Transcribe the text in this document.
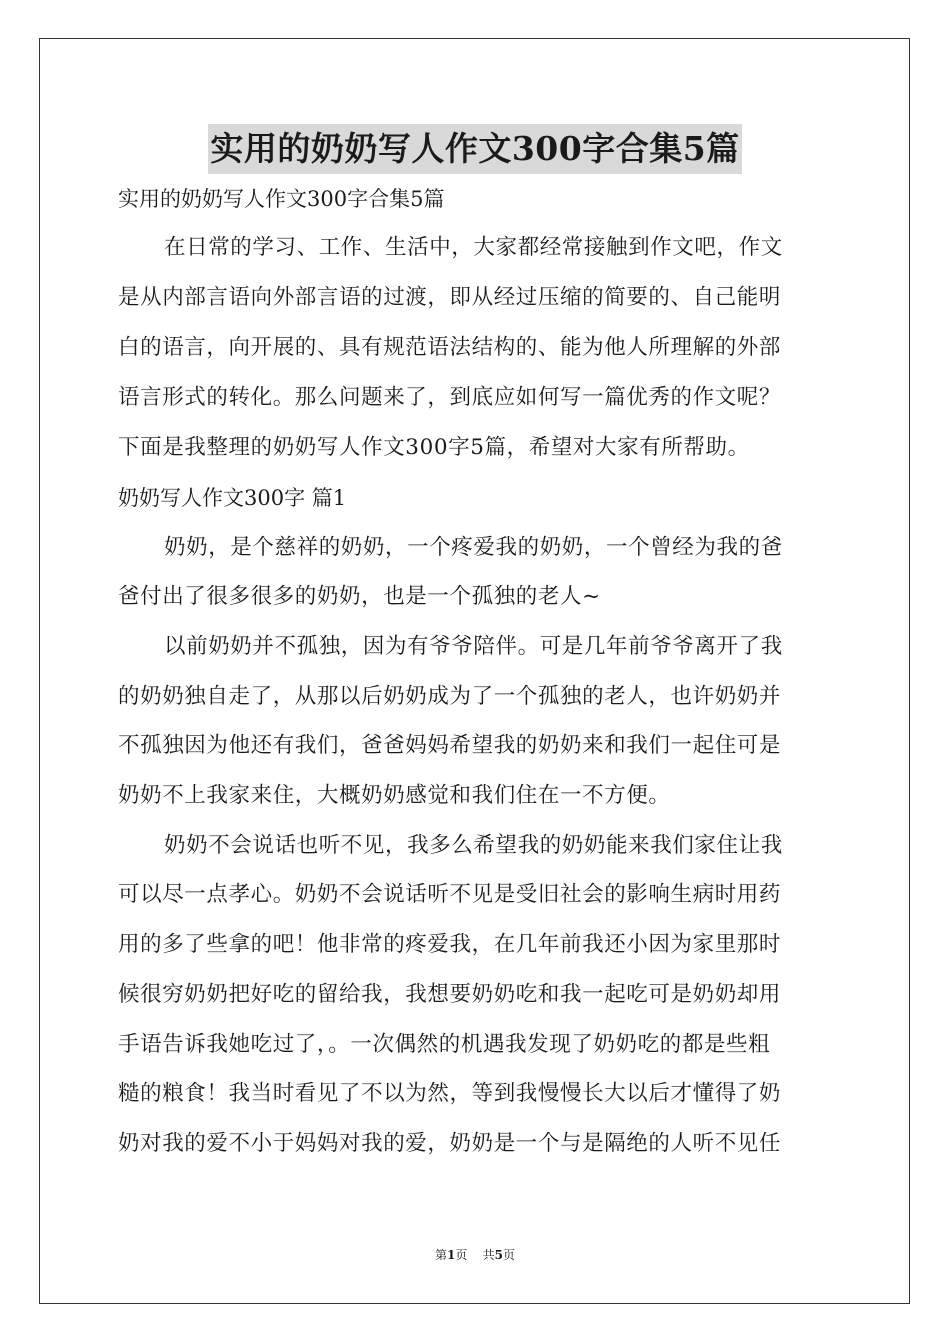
实用的奶奶写人作文300字合集5篇
实用的奶奶写人作文300字合集5篇
在日常的学习、工作、生活中，大家都经常接触到作文吧，作文
是从内部言语向外部言语的过渡，即从经过压缩的简要的、自己能明
白的语言，向开展的、具有规范语法结构的、能为他人所理解的外部
语言形式的转化。那么问题来了，到底应如何写一篇优秀的作文呢？
下面是我整理的奶奶写人作文300字5篇，希望对大家有所帮助。
奶奶写人作文300字 篇1
奶奶，是个慈祥的奶奶，一个疼爱我的奶奶，一个曾经为我的爸
爸付出了很多很多的奶奶，也是一个孤独的老人~
以前奶奶并不孤独，因为有爷爷陪伴。可是几年前爷爷离开了我
的奶奶独自走了，从那以后奶奶成为了一个孤独的老人，也许奶奶并
不孤独因为他还有我们，爸爸妈妈希望我的奶奶来和我们一起住可是
奶奶不上我家来住，大概奶奶感觉和我们住在一不方便。
奶奶不会说话也听不见，我多么希望我的奶奶能来我们家住让我
可以尽一点孝心。奶奶不会说话听不见是受旧社会的影响生病时用药
用的多了些拿的吧！他非常的疼爱我，在几年前我还小因为家里那时
候很穷奶奶把好吃的留给我，我想要奶奶吃和我一起吃可是奶奶却用
手语告诉我她吃过了，。一次偶然的机遇我发现了奶奶吃的都是些粗
糙的粮食！我当时看见了不以为然，等到我慢慢长大以后才懂得了奶
奶对我的爱不小于妈妈对我的爱，奶奶是一个与是隔绝的人听不见任
第1页    共5页
